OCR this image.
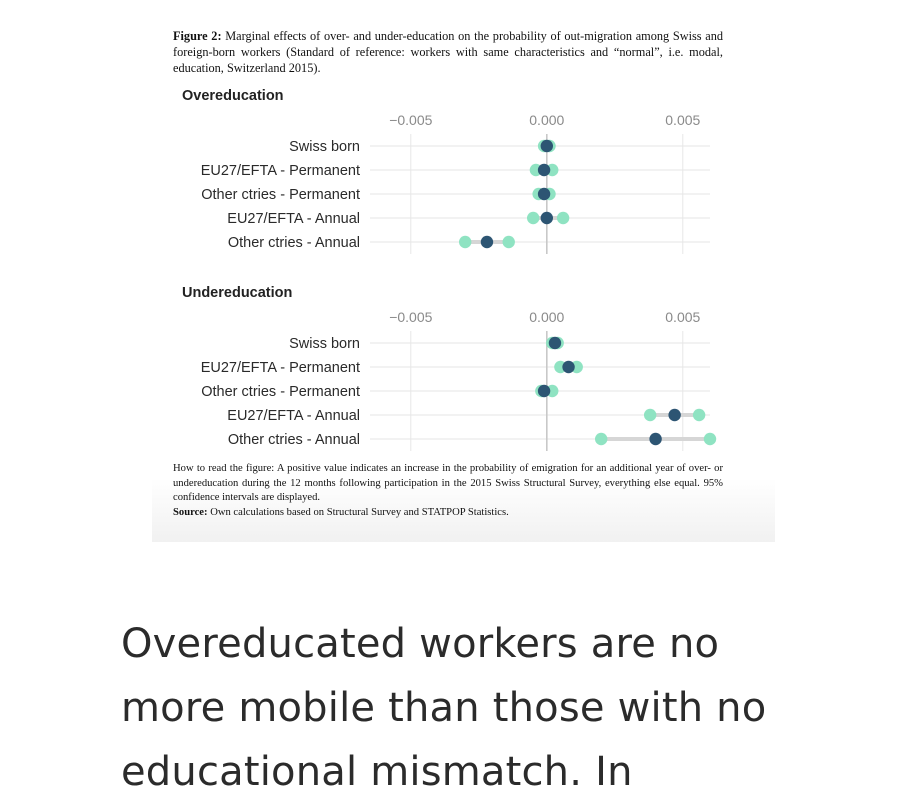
Figure 2: Marginal effects of over- and under-education on the probability of out-migration among Swiss and foreign-born workers (Standard of reference: workers with same characteristics and “normal”, i.e. modal, education, Switzerland 2015).
Overeducation
−0.005	0.000	0.005
Swiss born
EU27/EFTA - Permanent
Other ctries - Permanent
EU27/EFTA - Annual
Other ctries - Annual
Undereducation
−0.005	0.000	0.005
Swiss born
EU27/EFTA - Permanent
Other ctries - Permanent
EU27/EFTA - Annual
Other ctries - Annual
How to read the figure: A positive value indicates an increase in the probability of emigration for an additional year of over- or undereducation during the 12 months following participation in the 2015 Swiss Structural Survey, everything else equal. 95% confidence intervals are displayed.
Source: Own calculations based on Structural Survey and STATPOP Statistics.
Overeducated workers are no more mobile than those with no educational mismatch. In
